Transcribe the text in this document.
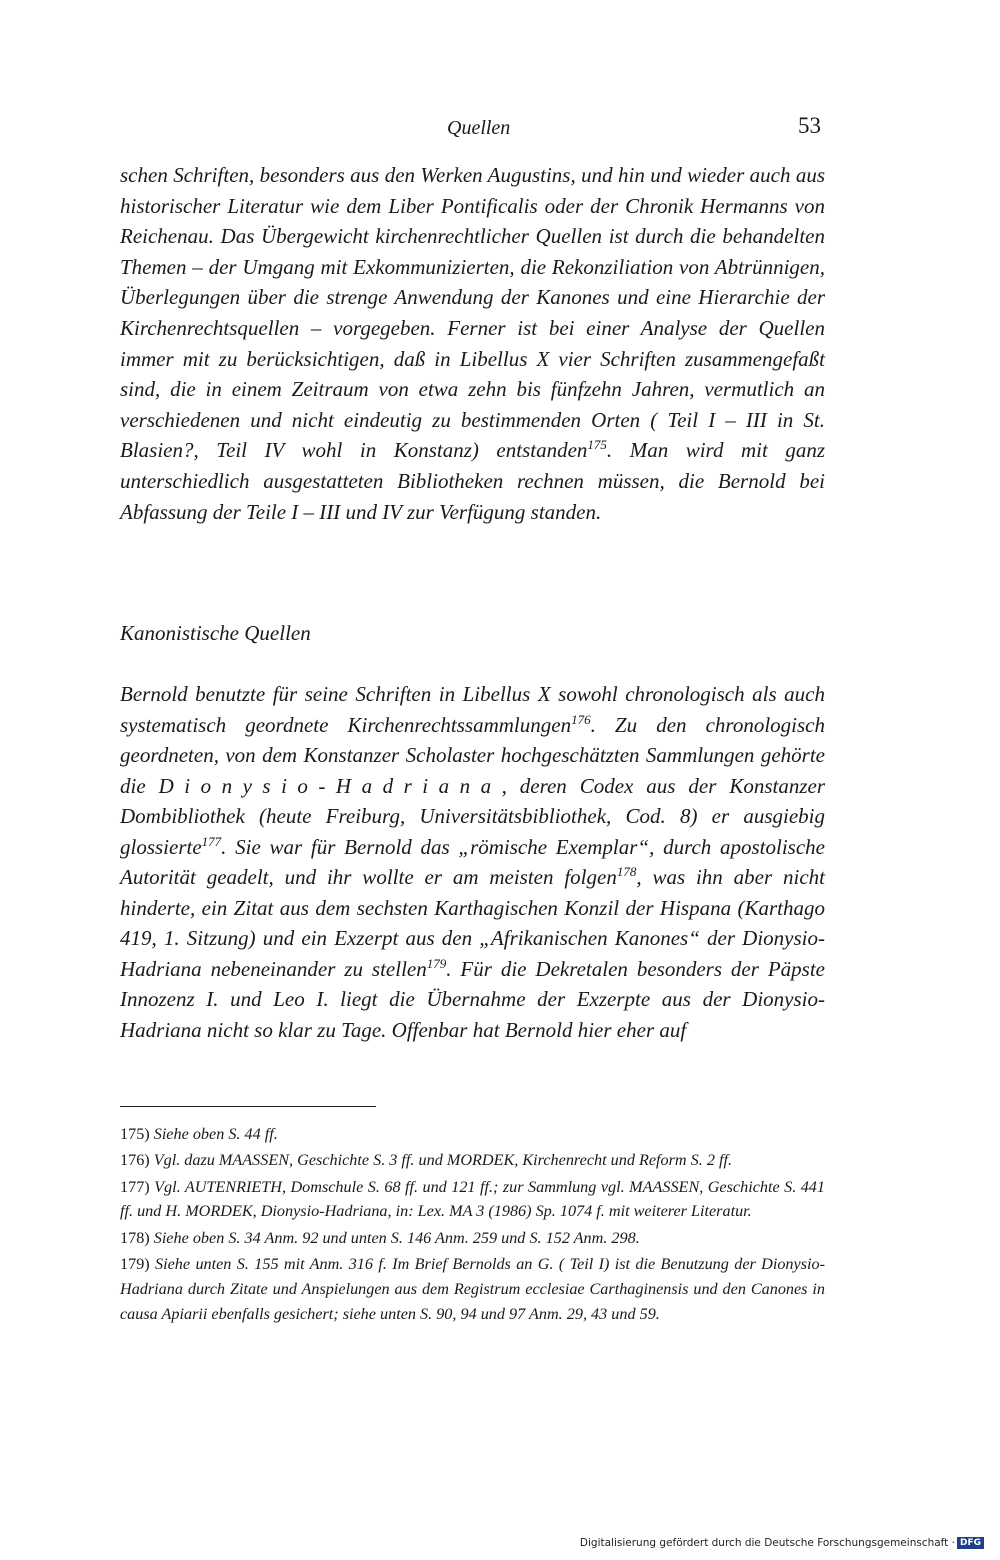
Quellen	53

schen Schriften, besonders aus den Werken Augustins, und hin und wieder auch aus historischer Literatur wie dem Liber Pontificalis oder der Chronik Hermanns von Reichenau. Das Übergewicht kirchenrechtlicher Quellen ist durch die behandelten Themen – der Umgang mit Exkommunizierten, die Rekonziliation von Abtrünnigen, Überlegungen über die strenge Anwendung der Kanones und eine Hierarchie der Kirchenrechtsquellen – vorgegeben. Ferner ist bei einer Analyse der Quellen immer mit zu berücksichtigen, daß in Libellus X vier Schriften zusammengefaßt sind, die in einem Zeitraum von etwa zehn bis fünfzehn Jahren, vermutlich an verschiedenen und nicht eindeutig zu bestimmenden Orten ( Teil I – III in St. Blasien?, Teil IV wohl in Konstanz) entstanden$^{175}$. Man wird mit ganz unterschiedlich ausgestatteten Bibliotheken rechnen müssen, die Bernold bei Abfassung der Teile I – III und IV zur Verfügung standen.

Kanonistische Quellen

Bernold benutzte für seine Schriften in Libellus X sowohl chronologisch als auch systematisch geordnete Kirchenrechtssammlungen$^{176}$. Zu den chronologisch geordneten, von dem Konstanzer Scholaster hochgeschätzten Sammlungen gehörte die Dionysio-Hadriana, deren Codex aus der Konstanzer Dombibliothek (heute Freiburg, Universitätsbibliothek, Cod. 8) er ausgiebig glossierte$^{177}$. Sie war für Bernold das „römische Exemplar“, durch apostolische Autorität geadelt, und ihr wollte er am meisten folgen$^{178}$, was ihn aber nicht hinderte, ein Zitat aus dem sechsten Karthagischen Konzil der Hispana (Karthago 419, 1. Sitzung) und ein Exzerpt aus den „Afrikanischen Kanones“ der Dionysio-Hadriana nebeneinander zu stellen$^{179}$. Für die Dekretalen besonders der Päpste Innozenz I. und Leo I. liegt die Übernahme der Exzerpte aus der Dionysio-Hadriana nicht so klar zu Tage. Offenbar hat Bernold hier eher auf

175) Siehe oben S. 44 ff.
176) Vgl. dazu MAASSEN, Geschichte S. 3 ff. und MORDEK, Kirchenrecht und Reform S. 2 ff.
177) Vgl. AUTENRIETH, Domschule S. 68 ff. und 121 ff.; zur Sammlung vgl. MAASSEN, Geschichte S. 441 ff. und H. MORDEK, Dionysio-Hadriana, in: Lex. MA 3 (1986) Sp. 1074 f. mit weiterer Literatur.
178) Siehe oben S. 34 Anm. 92 und unten S. 146 Anm. 259 und S. 152 Anm. 298.
179) Siehe unten S. 155 mit Anm. 316 f. Im Brief Bernolds an G. ( Teil I) ist die Benutzung der Dionysio-Hadriana durch Zitate und Anspielungen aus dem Registrum ecclesiae Carthaginensis und den Canones in causa Apiarii ebenfalls gesichert; siehe unten S. 90, 94 und 97 Anm. 29, 43 und 59.
Digitalisierung gefördert durch die Deutsche Forschungsgemeinschaft · DFG
